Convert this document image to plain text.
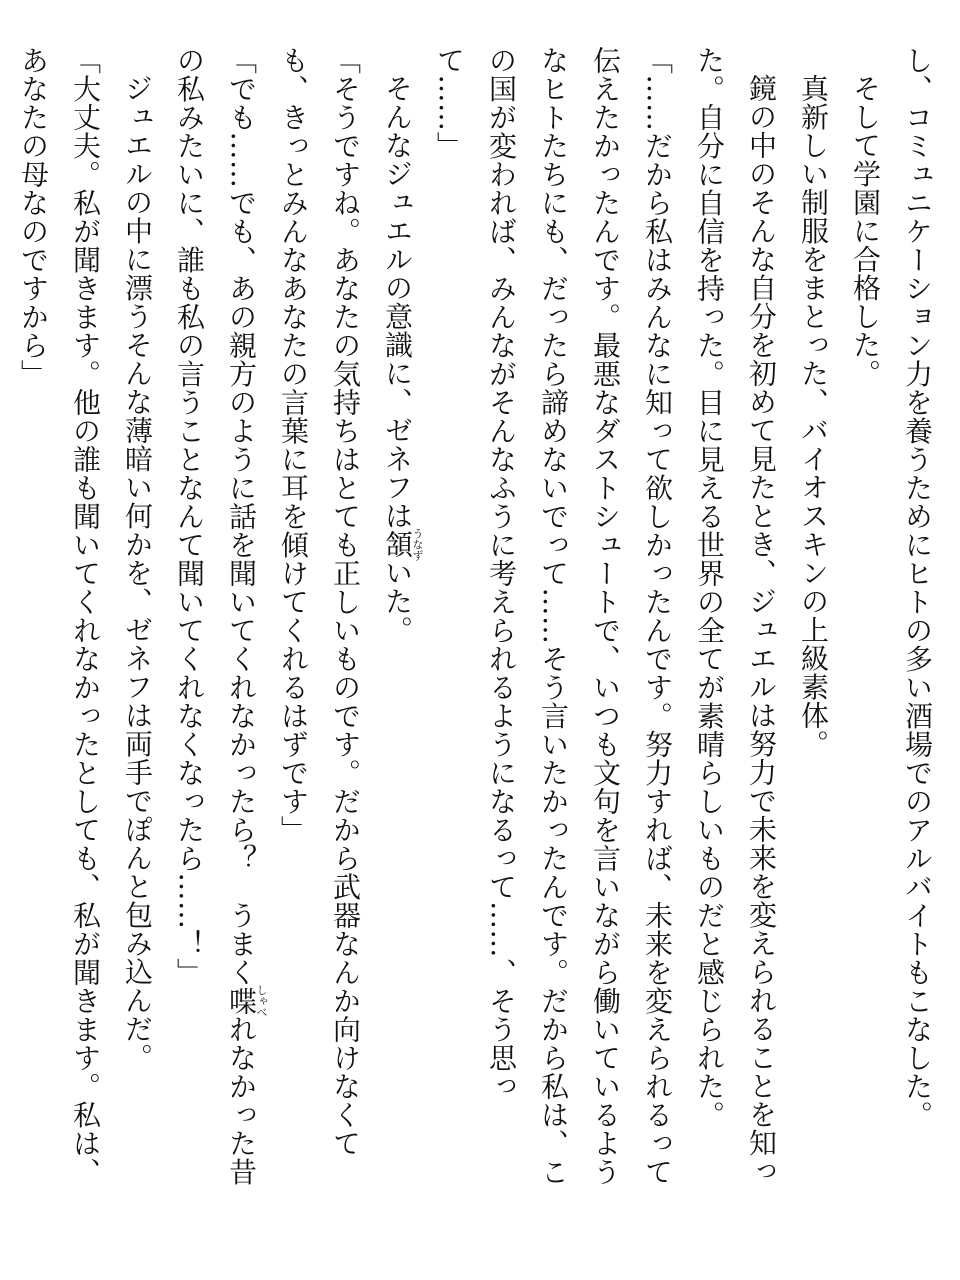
し、コミュニケーション力を養うためにヒトの多い酒場でのアルバイトもこなした。
そして学園に合格した。
真新しい制服をまとった、バイオスキンの上級素体。
鏡の中のそんな自分を初めて見たとき、ジュエルは努力で未来を変えられることを知っ
た。自分に自信を持った。目に見える世界の全てが素晴らしいものだと感じられた。
「……だから私はみんなに知って欲しかったんです。努力すれば、未来を変えられるって
伝えたかったんです。最悪なダストシュートで、いつも文句を言いながら働いているよう
なヒトたちにも、だったら諦めないでって……そう言いたかったんです。だから私は、こ
の国が変われば、みんながそんなふうに考えられるようになるって……、そう思っ
て……」
そんなジュエルの意識に、ゼネフは頷うなずいた。
「そうですね。あなたの気持ちはとても正しいものです。だから武器なんか向けなくて
も、きっとみんなあなたの言葉に耳を傾けてくれるはずです」
「でも……でも、あの親方のように話を聞いてくれなかったら？　うまく喋しゃべれなかった昔
の私みたいに、誰も私の言うことなんて聞いてくれなくなったら……！」
ジュエルの中に漂うそんな薄暗い何かを、ゼネフは両手でぽんと包み込んだ。
「大丈夫。私が聞きます。他の誰も聞いてくれなかったとしても、私が聞きます。私は、
あなたの母なのですから」
